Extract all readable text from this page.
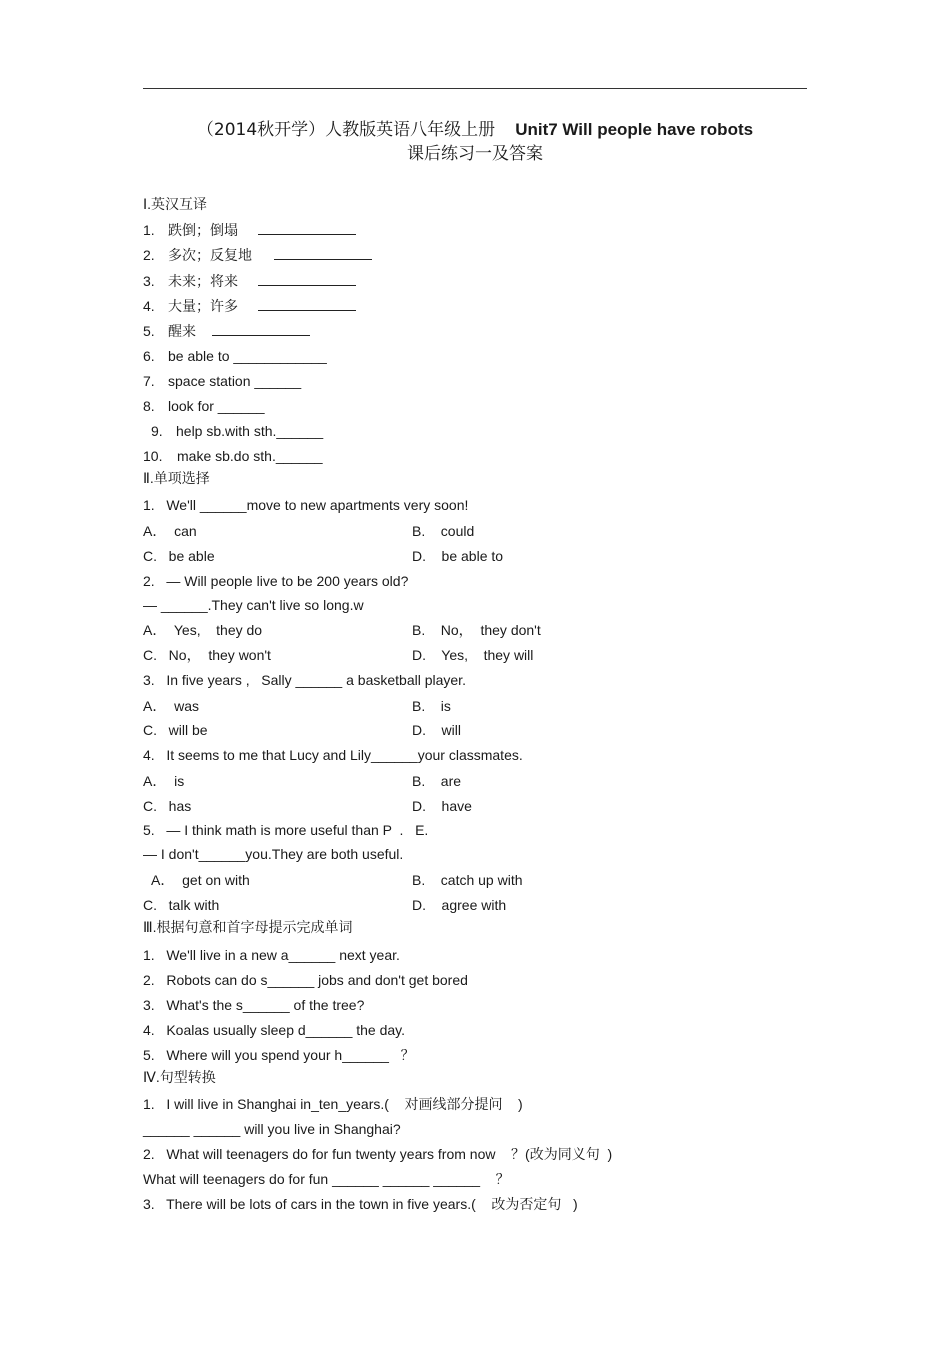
（2014秋开学）人教版英语八年级上册 Unit7 Will people have robots
课后练习一及答案
Ⅰ.英汉互译
1. 跌倒；倒塌
2. 多次；反复地
3. 未来；将来
4. 大量；许多
5. 醒来
6. be able to ____________
7. space station ______
8. look for ______
9. help sb.with sth.______
10. make sb.do sth.______
Ⅱ.单项选择
1.   We'll ______move to new apartments very soon!
A．  can	B.    could
C.   be able	D.    be able to
2.   — Will people live to be 200 years old?
— ______.They can't live so long.w
A．  Yes,    they do	B.    No，  they don't
C.   No，  they won't	D.    Yes,    they will
3.   In five years ,   Sally ______ a basketball player.
A．  was	B.    is
C.   will be	D.    will
4.   It seems to me that Lucy and Lily______your classmates.
A．  is	B.    are
C.   has	D.    have
5.   — I think math is more useful than P  .   E.
— I don't______you.They are both useful.
A．  get on with	B.    catch up with
C.   talk with	D.    agree with
Ⅲ.根据句意和首字母提示完成单词
1.   We'll live in a new a______ next year.
2.   Robots can do s______ jobs and don't get bored
3.   What's the s______ of the tree?
4.   Koalas usually sleep d______ the day.
5.   Where will you spend your h______   ？
Ⅳ.句型转换
1.   I will live in Shanghai in_ten_years.(    对画线部分提问    )
______ ______ will you live in Shanghai?
2.   What will teenagers do for fun twenty years from now    ？(改为同义句  )
What will teenagers do for fun ______ ______ ______    ？
3.   There will be lots of cars in the town in five years.(    改为否定句   )
